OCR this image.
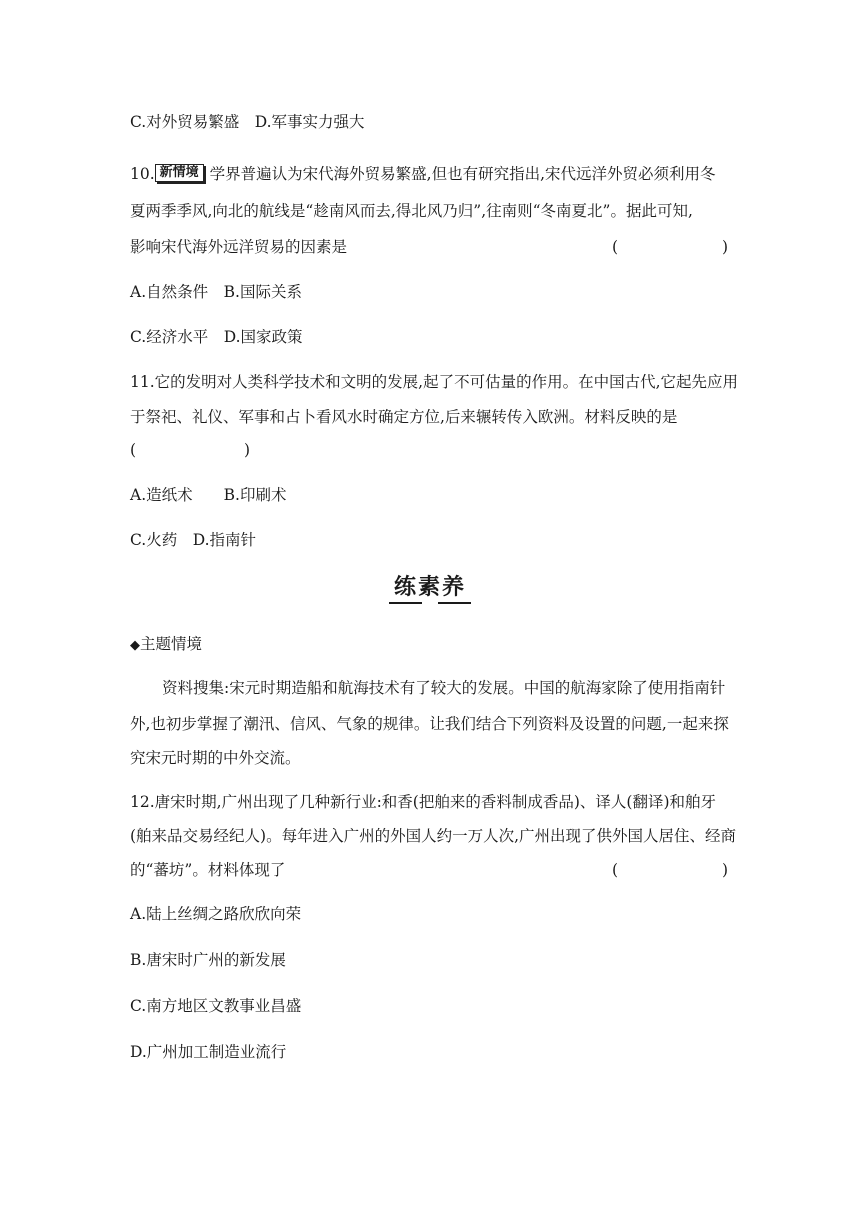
C.对外贸易繁盛　D.军事实力强大
10. 新情境 学界普遍认为宋代海外贸易繁盛,但也有研究指出,宋代远洋外贸必须利用冬
夏两季季风,向北的航线是“趁南风而去,得北风乃归”,往南则“冬南夏北”。据此可知,
影响宋代海外远洋贸易的因素是	(	)
A.自然条件　B.国际关系
C.经济水平　D.国家政策
11.它的发明对人类科学技术和文明的发展,起了不可估量的作用。在中国古代,它起先应用
于祭祀、礼仪、军事和占卜看风水时确定方位,后来辗转传入欧洲。材料反映的是
(	)
A.造纸术　　B.印刷术
C.火药　D.指南针
练素养
◆主题情境
资料搜集:宋元时期造船和航海技术有了较大的发展。中国的航海家除了使用指南针
外,也初步掌握了潮汛、信风、气象的规律。让我们结合下列资料及设置的问题,一起来探
究宋元时期的中外交流。
12.唐宋时期,广州出现了几种新行业:和香(把舶来的香料制成香品)、译人(翻译)和舶牙
(舶来品交易经纪人)。每年进入广州的外国人约一万人次,广州出现了供外国人居住、经商
的“蕃坊”。材料体现了	(	)
A.陆上丝绸之路欣欣向荣
B.唐宋时广州的新发展
C.南方地区文教事业昌盛
D.广州加工制造业流行
